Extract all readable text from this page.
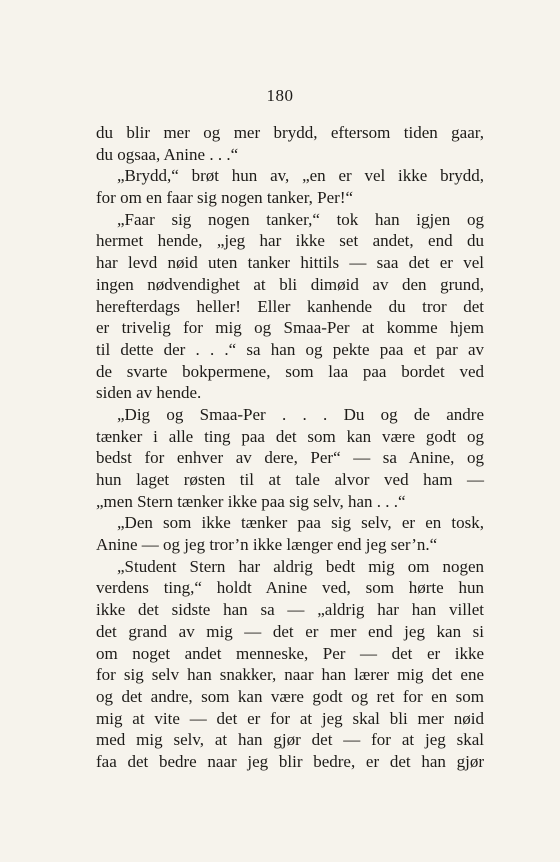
180
du blir mer og mer brydd, eftersom tiden gaar,
du ogsaa, Anine . . .“
„Brydd,“ brøt hun av, „en er vel ikke brydd,
for om en faar sig nogen tanker, Per!“
„Faar sig nogen tanker,“ tok han igjen og
hermet hende, „jeg har ikke set andet, end du
har levd nøid uten tanker hittils — saa det er vel
ingen nødvendighet at bli dimøid av den grund,
herefterdags heller! Eller kanhende du tror det
er trivelig for mig og Smaa-Per at komme hjem
til dette der . . .“ sa han og pekte paa et par av
de svarte bokpermene, som laa paa bordet ved
siden av hende.
„Dig og Smaa-Per . . . Du og de andre
tænker i alle ting paa det som kan være godt og
bedst for enhver av dere, Per“ — sa Anine, og
hun laget røsten til at tale alvor ved ham —
„men Stern tænker ikke paa sig selv, han . . .“
„Den som ikke tænker paa sig selv, er en tosk,
Anine — og jeg tror’n ikke længer end jeg ser’n.“
„Student Stern har aldrig bedt mig om nogen
verdens ting,“ holdt Anine ved, som hørte hun
ikke det sidste han sa — „aldrig har han villet
det grand av mig — det er mer end jeg kan si
om noget andet menneske, Per — det er ikke
for sig selv han snakker, naar han lærer mig det ene
og det andre, som kan være godt og ret for en som
mig at vite — det er for at jeg skal bli mer nøid
med mig selv, at han gjør det — for at jeg skal
faa det bedre naar jeg blir bedre, er det han gjør
